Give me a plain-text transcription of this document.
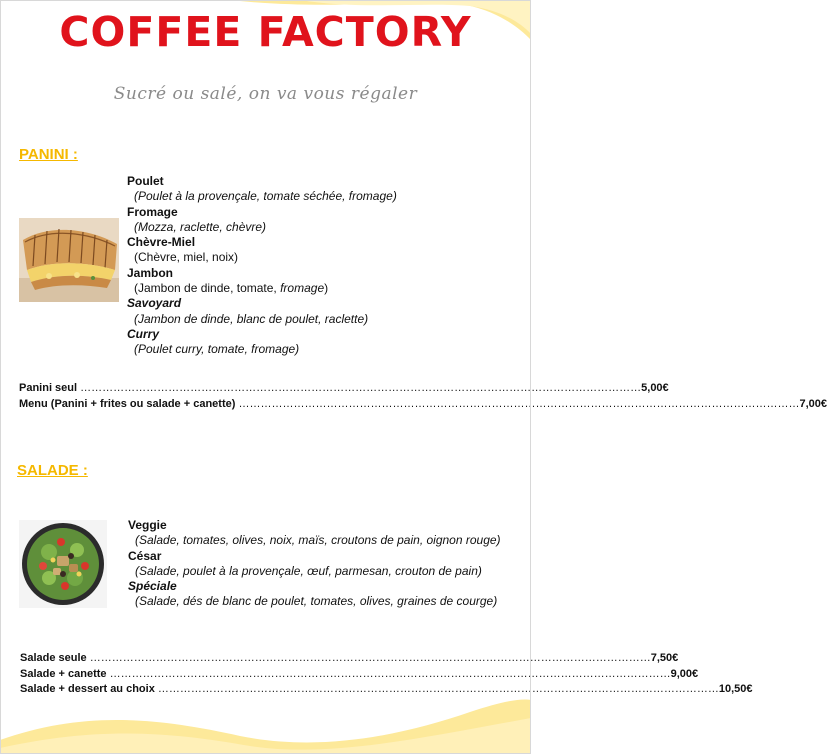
COFFEE FACTORY
Sucré ou salé, on va vous régaler
PANINI :
Poulet
(Poulet à la provençale, tomate séchée, fromage)
Fromage
(Mozza, raclette, chèvre)
Chèvre-Miel
(Chèvre, miel, noix)
Jambon
(Jambon de dinde, tomate, fromage)
Savoyard
(Jambon de dinde, blanc de poulet, raclette)
Curry
(Poulet curry, tomate, fromage)
Panini seul ……………………………………………………………………………………………………………………………………… 5,00€
Menu (Panini + frites ou salade + canette) ……………………………………………………………………………………………………………………………………… 7,00€
SALADE :
Veggie
(Salade, tomates, olives, noix, maïs, croutons de pain, oignon rouge)
César
(Salade, poulet à la provençale, œuf, parmesan, crouton de pain)
Spéciale
(Salade, dés de blanc de poulet, tomates, olives, graines de courge)
Salade seule ……………………………………………………………………………………………………………………………………… 7,50€
Salade + canette ……………………………………………………………………………………………………………………………………… 9,00€
Salade + dessert au choix ……………………………………………………………………………………………………………………………………… 10,50€
